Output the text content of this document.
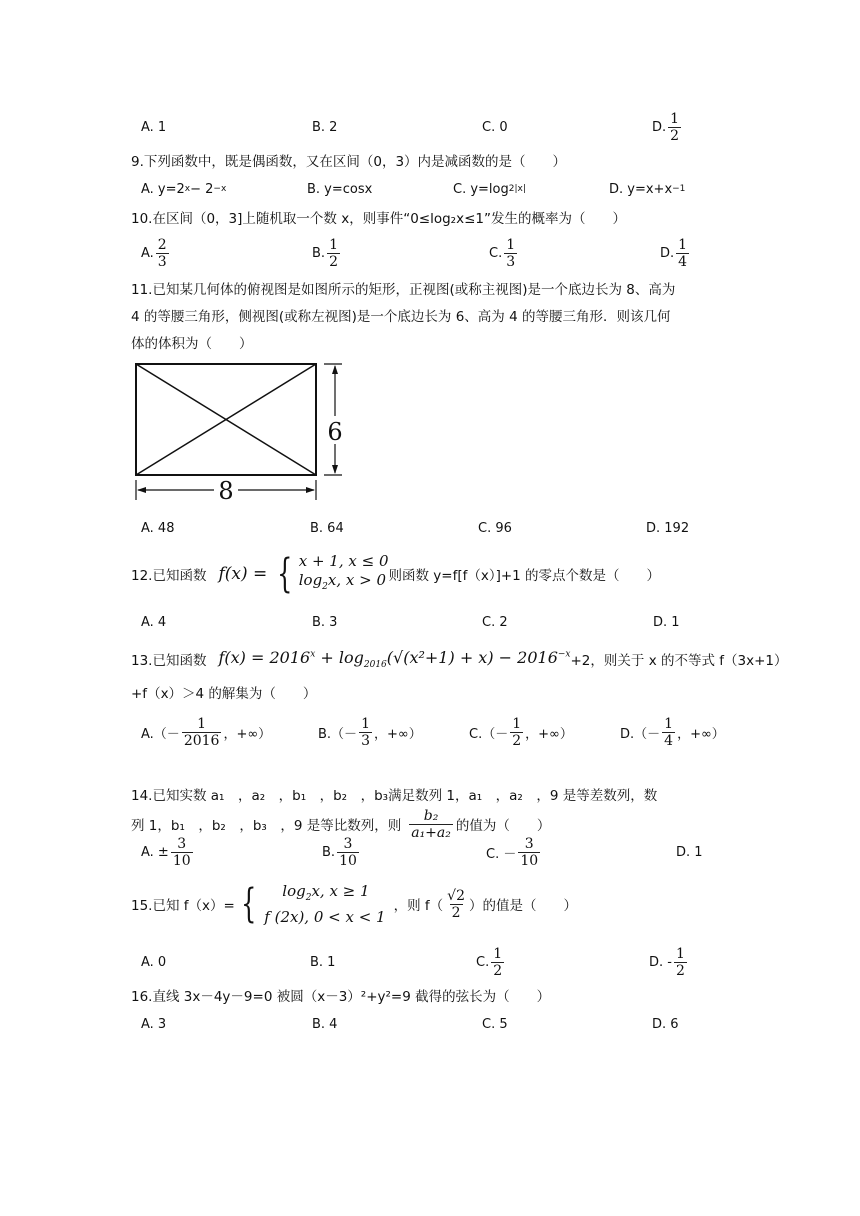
A. 1	B. 2	C. 0	D. $\frac{1}{2}$
9.下列函数中，既是偶函数，又在区间（0，3）内是减函数的是（　　）
A. y=2 x − 2 −x	B. y=cosx	C. y=log 2 |x|	D. y=x+x −1
10.在区间（0，3]上随机取一个数 x，则事件“0≤log₂x≤1”发生的概率为（　　）
A. $\frac{2}{3}$	B. $\frac{1}{2}$	C. $\frac{1}{3}$	D. $\frac{1}{4}$
11.已知某几何体的俯视图是如图所示的矩形，正视图(或称主视图)是一个底边长为 8、高为
4 的等腰三角形，侧视图(或称左视图)是一个底边长为 6、高为 4 的等腰三角形．则该几何
体的体积为（　　）
6
8
A. 48	B. 64	C. 96	D. 192
12.已知函数 f(x) = { x + 1, x ≤ 0
$\log_2x$, x > 0 则函数 y=f[f（x）]+1 的零点个数是（　　）
A. 4	B. 3	C. 2	D. 1
13.已知函数 $f(x) = 2016^x + \log_{2016}(√(x^2+1) + x) - 2016^{-x} +2$，则关于 x 的不等式 f（3x+1）
+f（x）＞4 的解集为（　　）
$A.(- \frac{1}{2016}$ ，+∞）	$B.(- \frac{1}{3}$ ，+∞）	$C.(- \frac{1}{2}$ ，+∞）	$D.(- \frac{1}{4}$ ，+∞）
14.已知实数 a₁　，a₂　，b₁　，b₂　，b₃满足数列 1，a₁　，a₂　，9 是等差数列，数
列 1，b₁　，b₂　，b₃　，9 是等比数列，则 $\frac{\text{b₂}}{\text{a₁+a₂}}$ 的值为（　　）
A. ± $\frac{3}{10}$	B. $\frac{3}{10}$	C. － $\frac{3}{10}$	D. 1
15.已知 f（x）= {	$\log_2x$, x ≥ 1
f (2x), 0 < x < 1
，则 $f( \frac{√2}{2}$ ）的值是（　　）
A. 0	B. 1	C. $\frac{1}{2}$	D. - $\frac{1}{2}$
16.直线 3x－4y－9=0 被圆（x－3）²+y²=9 截得的弦长为（　　）
A. 3	B. 4	C. 5	D. 6
